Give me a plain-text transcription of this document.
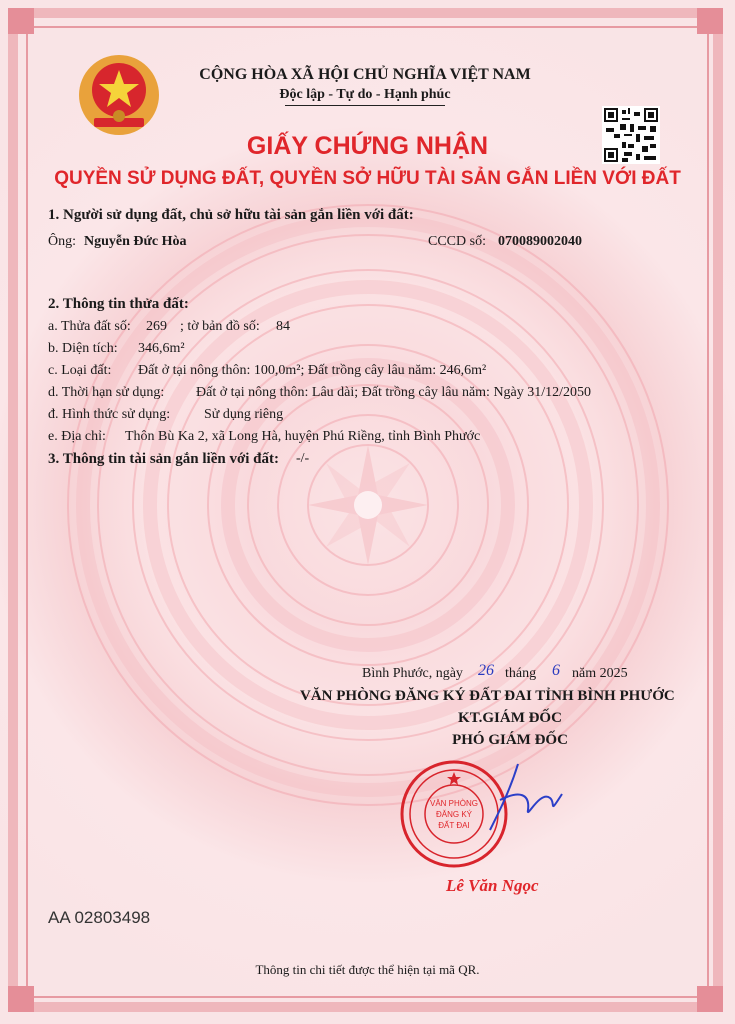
CỘNG HÒA XÃ HỘI CHỦ NGHĨA VIỆT NAM
Độc lập - Tự do - Hạnh phúc
GIẤY CHỨNG NHẬN
QUYỀN SỬ DỤNG ĐẤT, QUYỀN SỞ HỮU TÀI SẢN GẮN LIỀN VỚI ĐẤT
1. Người sử dụng đất, chủ sở hữu tài sản gắn liền với đất:
Ông: Nguyễn Đức Hòa	CCCD số: 070089002040
2. Thông tin thửa đất:
a. Thửa đất số: 269 ; tờ bản đồ số: 84
b. Diện tích: 346,6m²
c. Loại đất: Đất ở tại nông thôn: 100,0m²; Đất trồng cây lâu năm: 246,6m²
d. Thời hạn sử dụng: Đất ở tại nông thôn: Lâu dài; Đất trồng cây lâu năm: Ngày 31/12/2050
đ. Hình thức sử dụng: Sử dụng riêng
e. Địa chỉ: Thôn Bù Ka 2, xã Long Hà, huyện Phú Riềng, tỉnh Bình Phước
3. Thông tin tài sản gắn liền với đất: -/-
Bình Phước, ngày 26 tháng 6 năm 2025
VĂN PHÒNG ĐĂNG KÝ ĐẤT ĐAI TỈNH BÌNH PHƯỚC
KT.GIÁM ĐỐC
PHÓ GIÁM ĐỐC
VĂN PHÒNG ĐĂNG KÝ ĐẤT ĐAI
Lê Văn Ngọc
AA 02803498
Thông tin chi tiết được thể hiện tại mã QR.
